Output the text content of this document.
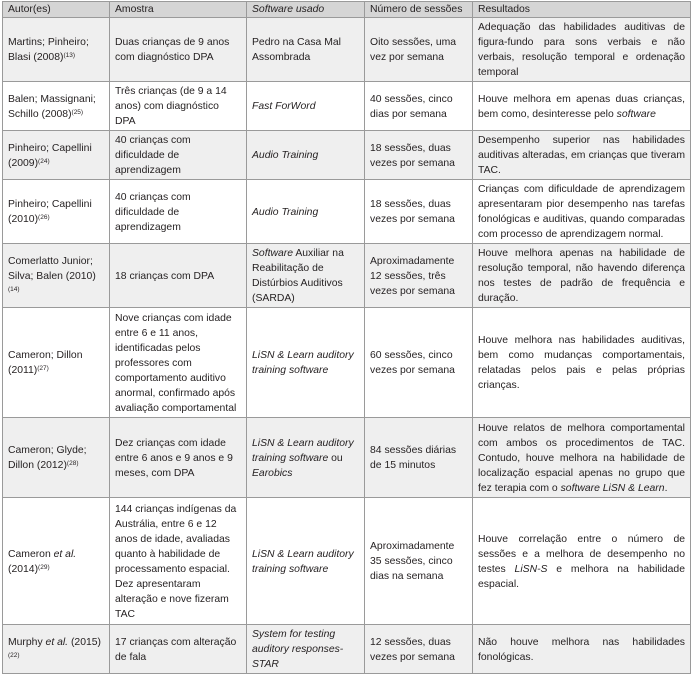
Autor(es)	Amostra	Software usado	Número de sessões	Resultados
Martins; Pinheiro; Blasi $(2008)^{(13)}$	Duas crianças de 9 anos com diagnóstico DPA	Pedro na Casa Mal Assombrada	Oito sessões, uma vez por semana	Adequação das habilidades auditivas de figura-fundo para sons verbais e não verbais, resolução temporal e ordenação temporal
Balen; Massignani; Schillo $(2008)^{(25)}$	Três crianças (de 9 a 14 anos) com diagnóstico DPA	Fast ForWord	40 sessões, cinco dias por semana	Houve melhora em apenas duas crianças, bem como, desinteresse pelo software
Pinheiro; Capellini $(2009)^{(24)}$	40 crianças com dificuldade de aprendizagem	Audio Training	18 sessões, duas vezes por semana	Desempenho superior nas habilidades auditivas alteradas, em crianças que tiveram TAC.
Pinheiro; Capellini $(2010)^{(26)}$	40 crianças com dificuldade de aprendizagem	Audio Training	18 sessões, duas vezes por semana	Crianças com dificuldade de aprendizagem apresentaram pior desempenho nas tarefas fonológicas e auditivas, quando comparadas com processo de aprendizagem normal.
Comerlatto Junior; Silva; Balen $(2010)^{(14)}$	18 crianças com DPA	Software Auxiliar na Reabilitação de Distúrbios Auditivos (SARDA)	Aproximadamente 12 sessões, três vezes por semana	Houve melhora apenas na habilidade de resolução temporal, não havendo diferença nos testes de padrão de frequência e duração.
Cameron; Dillon $(2011)^{(27)}$	Nove crianças com idade entre 6 e 11 anos, identificadas pelos professores com comportamento auditivo anormal, confirmado após avaliação comportamental	LiSN & Learn auditory training software	60 sessões, cinco vezes por semana	Houve melhora nas habilidades auditivas, bem como mudanças comportamentais, relatadas pelos pais e pelas próprias crianças.
Cameron; Glyde; Dillon $(2012)^{(28)}$	Dez crianças com idade entre 6 anos e 9 anos e 9 meses, com DPA	LiSN & Learn auditory training software ou Earobics	84 sessões diárias de 15 minutos	Houve relatos de melhora comportamental com ambos os procedimentos de TAC. Contudo, houve melhora na habilidade de localização espacial apenas no grupo que fez terapia com o software LiSN & Learn.
Cameron et al. $(2014)^{(29)}$	144 crianças indígenas da Austrália, entre 6 e 12 anos de idade, avaliadas quanto à habilidade de processamento espacial. Dez apresentaram alteração e nove fizeram TAC	LiSN & Learn auditory training software	Aproximadamente 35 sessões, cinco dias na semana	Houve correlação entre o número de sessões e a melhora de desempenho no testes LiSN-S e melhora na habilidade espacial.
Murphy et al. $(2015)^{(22)}$	17 crianças com alteração de fala	System for testing auditory responses-STAR	12 sessões, duas vezes por semana	Não houve melhora nas habilidades fonológicas.
